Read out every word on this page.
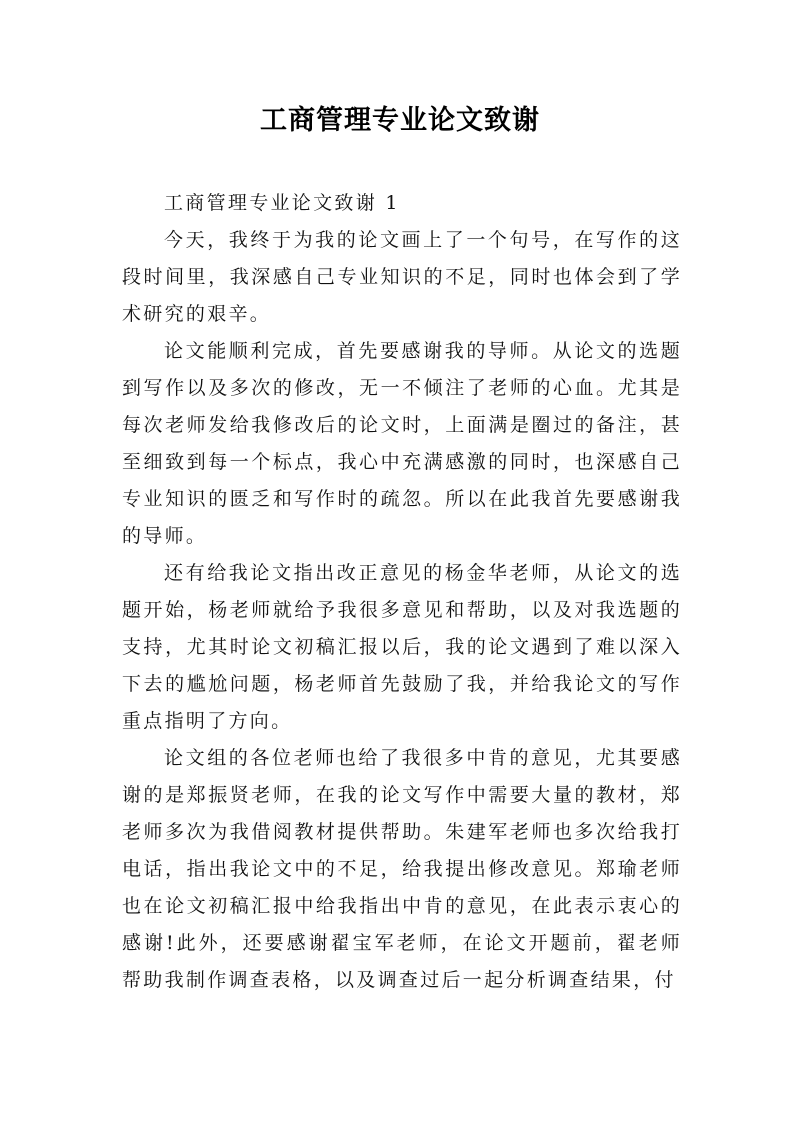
工商管理专业论文致谢

工商管理专业论文致谢 1

今天，我终于为我的论文画上了一个句号，在写作的这段时间里，我深感自己专业知识的不足，同时也体会到了学术研究的艰辛。

论文能顺利完成，首先要感谢我的导师。从论文的选题到写作以及多次的修改，无一不倾注了老师的心血。尤其是每次老师发给我修改后的论文时，上面满是圈过的备注，甚至细致到每一个标点，我心中充满感激的同时，也深感自己专业知识的匮乏和写作时的疏忽。所以在此我首先要感谢我的导师。

还有给我论文指出改正意见的杨金华老师，从论文的选题开始，杨老师就给予我很多意见和帮助，以及对我选题的支持，尤其时论文初稿汇报以后，我的论文遇到了难以深入下去的尴尬问题，杨老师首先鼓励了我，并给我论文的写作重点指明了方向。

论文组的各位老师也给了我很多中肯的意见，尤其要感谢的是郑振贤老师，在我的论文写作中需要大量的教材，郑老师多次为我借阅教材提供帮助。朱建军老师也多次给我打电话，指出我论文中的不足，给我提出修改意见。郑瑜老师也在论文初稿汇报中给我指出中肯的意见，在此表示衷心的感谢!此外，还要感谢翟宝军老师，在论文开题前，翟老师帮助我制作调查表格，以及调查过后一起分析调查结果，付
